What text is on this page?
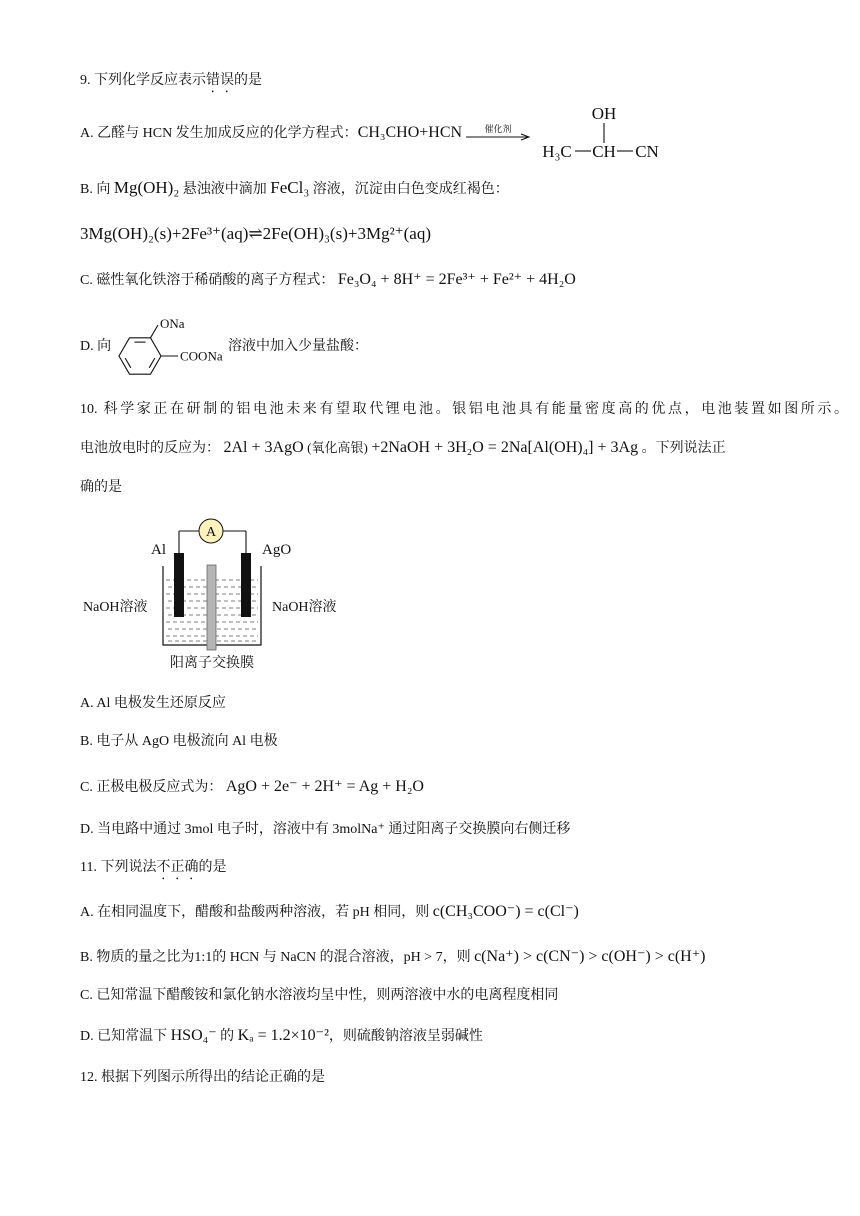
9. 下列化学反应表示错误的是
A. 乙醛与 HCN 发生加成反应的化学方程式：CH₃CHO+HCN 催化剂
OH
H₃C CH CN
B. 向 Mg(OH)₂ 悬浊液中滴加 FeCl₃ 溶液，沉淀由白色变成红褐色：
3Mg(OH)₂(s)+2Fe³⁺(aq)⇌2Fe(OH)₃(s)+3Mg²⁺(aq)
C. 磁性氧化铁溶于稀硝酸的离子方程式： Fe₃O₄ + 8H⁺ = 2Fe³⁺ + Fe²⁺ + 4H₂O
D. 向
ONa
COONa
溶液中加入少量盐酸：
10. 科学家正在研制的铝电池未来有望取代锂电池。银铝电池具有能量密度高的优点，电池装置如图所示。
电池放电时的反应为： 2Al + 3AgO (氧化高银) +2NaOH + 3H₂O = 2Na[Al(OH)₄] + 3Ag 。下列说法正
确的是
A
Al	AgO
NaOH溶液	NaOH溶液
阳离子交换膜
A. Al 电极发生还原反应
B. 电子从 AgO 电极流向 Al 电极
C. 正极电极反应式为： AgO + 2e⁻ + 2H⁺ = Ag + H₂O
D. 当电路中通过 3mol 电子时，溶液中有 3molNa⁺ 通过阳离子交换膜向右侧迁移
11. 下列说法不正确的是
A. 在相同温度下，醋酸和盐酸两种溶液，若 pH 相同，则 c(CH₃COO⁻) = c(Cl⁻)
B. 物质的量之比为1:1的 HCN 与 NaCN 的混合溶液，pH > 7，则 c(Na⁺) > c(CN⁻) > c(OH⁻) > c(H⁺)
C. 已知常温下醋酸铵和氯化钠水溶液均呈中性，则两溶液中水的电离程度相同
D. 已知常温下 HSO₄⁻ 的 Kₐ = 1.2×10⁻²，则硫酸钠溶液呈弱碱性
12. 根据下列图示所得出的结论正确的是
